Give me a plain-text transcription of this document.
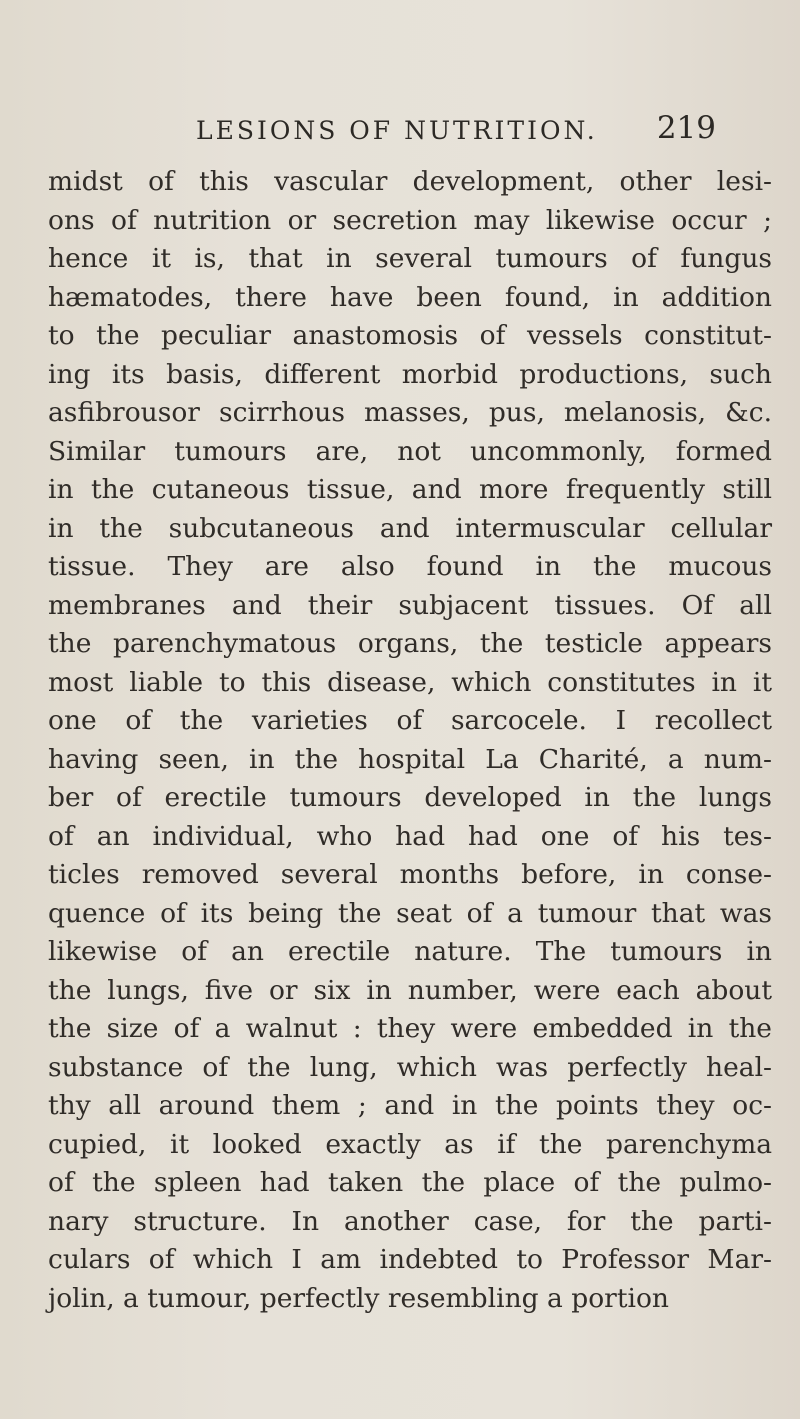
LESIONS OF NUTRITION. 219
midst of this vascular development, other lesi-
ons of nutrition or secretion may likewise occur ;
hence it is, that in several tumours of fungus
hæmatodes, there have been found, in addition
to the peculiar anastomosis of vessels constitut-
ing its basis, different morbid productions, such
asfibrousor scirrhous masses, pus, melanosis, &c.
Similar tumours are, not uncommonly, formed
in the cutaneous tissue, and more frequently still
in the subcutaneous and intermuscular cellular
tissue. They are also found in the mucous
membranes and their subjacent tissues. Of all
the parenchymatous organs, the testicle appears
most liable to this disease, which constitutes in it
one of the varieties of sarcocele. I recollect
having seen, in the hospital La Charité, a num-
ber of erectile tumours developed in the lungs
of an individual, who had had one of his tes-
ticles removed several months before, in conse-
quence of its being the seat of a tumour that was
likewise of an erectile nature. The tumours in
the lungs, five or six in number, were each about
the size of a walnut : they were embedded in the
substance of the lung, which was perfectly heal-
thy all around them ; and in the points they oc-
cupied, it looked exactly as if the parenchyma
of the spleen had taken the place of the pulmo-
nary structure. In another case, for the parti-
culars of which I am indebted to Professor Mar-
jolin, a tumour, perfectly resembling a portion
